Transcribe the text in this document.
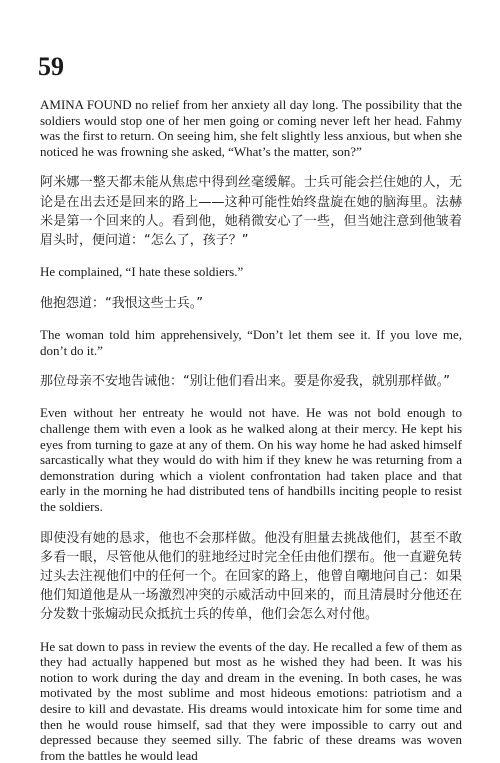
59

AMINA FOUND no relief from her anxiety all day long. The possibility that the soldiers would stop one of her men going or coming never left her head. Fahmy was the first to return. On seeing him, she felt slightly less anxious, but when she noticed he was frowning she asked, “What’s the matter, son?”

阿米娜一整天都未能从焦虑中得到丝毫缓解。士兵可能会拦住她的人，无论是在出去还是回来的路上——这种可能性始终盘旋在她的脑海里。法赫米是第一个回来的人。看到他，她稍微安心了一些，但当她注意到他皱着眉头时，便问道：“怎么了，孩子？”

He complained, “I hate these soldiers.”

他抱怨道：“我恨这些士兵。”

The woman told him apprehensively, “Don’t let them see it. If you love me, don’t do it.”

那位母亲不安地告诫他：“别让他们看出来。要是你爱我，就别那样做。”

Even without her entreaty he would not have. He was not bold enough to challenge them with even a look as he walked along at their mercy. He kept his eyes from turning to gaze at any of them. On his way home he had asked himself sarcastically what they would do with him if they knew he was returning from a demonstration during which a violent confrontation had taken place and that early in the morning he had distributed tens of handbills inciting people to resist the soldiers.

即使没有她的恳求，他也不会那样做。他没有胆量去挑战他们，甚至不敢多看一眼，尽管他从他们的驻地经过时完全任由他们摆布。他一直避免转过头去注视他们中的任何一个。在回家的路上，他曾自嘲地问自己：如果他们知道他是从一场激烈冲突的示威活动中回来的，而且清晨时分他还在分发数十张煽动民众抵抗士兵的传单，他们会怎么对付他。

He sat down to pass in review the events of the day. He recalled a few of them as they had actually happened but most as he wished they had been. It was his notion to work during the day and dream in the evening. In both cases, he was motivated by the most sublime and most hideous emotions: patriotism and a desire to kill and devastate. His dreams would intoxicate him for some time and then he would rouse himself, sad that they were impossible to carry out and depressed because they seemed silly. The fabric of these dreams was woven from the battles he would lead
